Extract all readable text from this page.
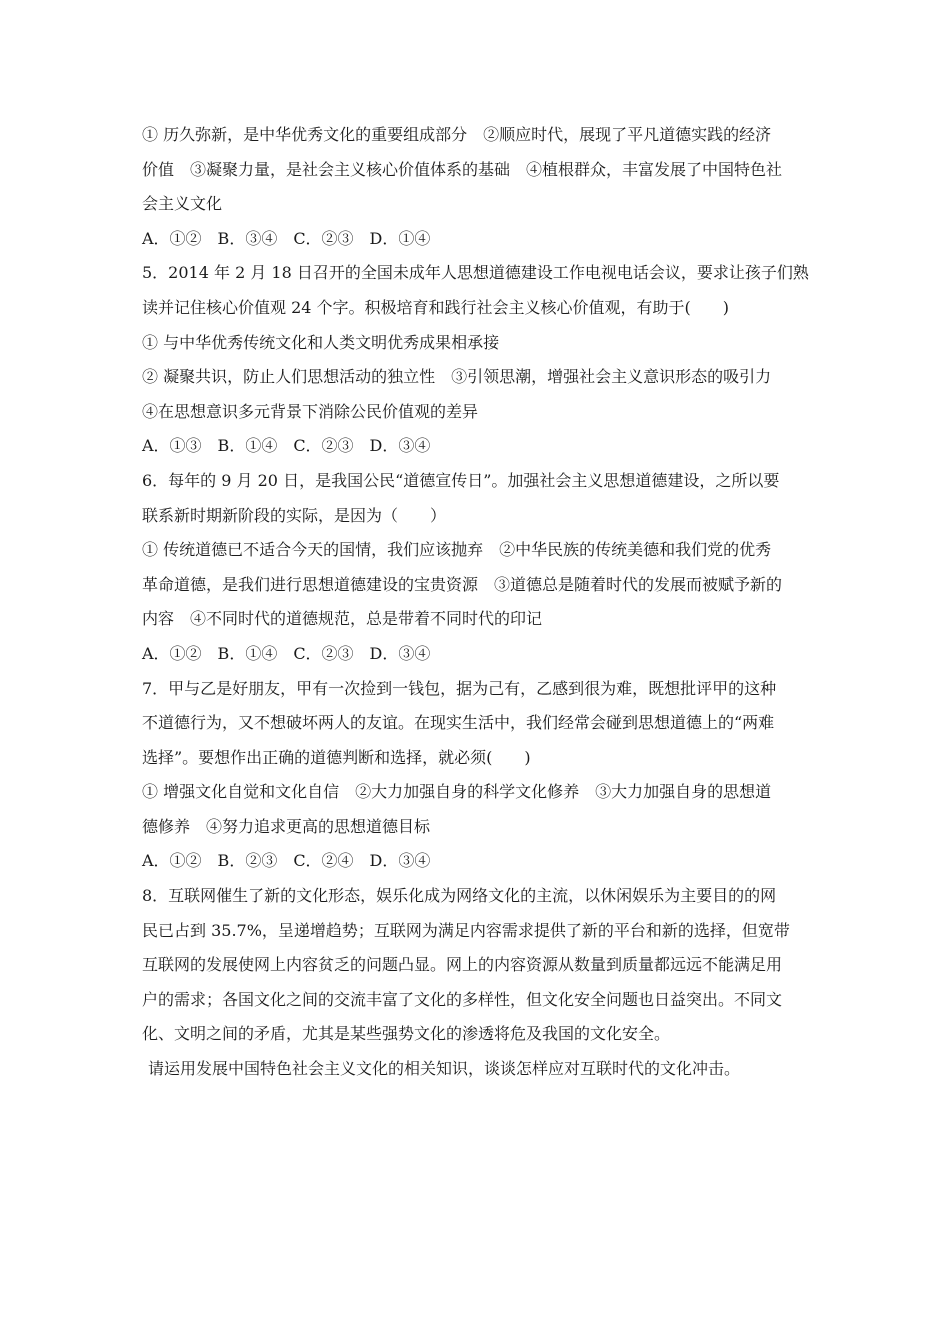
① 历久弥新，是中华优秀文化的重要组成部分　②顺应时代，展现了平凡道德实践的经济
价值　③凝聚力量，是社会主义核心价值体系的基础　④植根群众，丰富发展了中国特色社
会主义文化
A．①②　B．③④　C．②③　D．①④
5．2014 年 2 月 18 日召开的全国未成年人思想道德建设工作电视电话会议，要求让孩子们熟
读并记住核心价值观 24 个字。积极培育和践行社会主义核心价值观，有助于(　　)
① 与中华优秀传统文化和人类文明优秀成果相承接
② 凝聚共识，防止人们思想活动的独立性　③引领思潮，增强社会主义意识形态的吸引力
④在思想意识多元背景下消除公民价值观的差异
A．①③　B．①④　C．②③　D．③④
6．每年的 9 月 20 日，是我国公民“道德宣传日”。加强社会主义思想道德建设，之所以要
联系新时期新阶段的实际，是因为（　　）
① 传统道德已不适合今天的国情，我们应该抛弃　②中华民族的传统美德和我们党的优秀
革命道德，是我们进行思想道德建设的宝贵资源　③道德总是随着时代的发展而被赋予新的
内容　④不同时代的道德规范，总是带着不同时代的印记
A．①②　B．①④　C．②③　D．③④
7．甲与乙是好朋友，甲有一次捡到一钱包，据为己有，乙感到很为难，既想批评甲的这种
不道德行为，又不想破坏两人的友谊。在现实生活中，我们经常会碰到思想道德上的“两难
选择”。要想作出正确的道德判断和选择，就必须(　　)
① 增强文化自觉和文化自信　②大力加强自身的科学文化修养　③大力加强自身的思想道
德修养　④努力追求更高的思想道德目标
A．①②　B．②③　C．②④　D．③④
8．互联网催生了新的文化形态，娱乐化成为网络文化的主流，以休闲娱乐为主要目的的网
民已占到 35.7%，呈递增趋势；互联网为满足内容需求提供了新的平台和新的选择，但宽带
互联网的发展使网上内容贫乏的问题凸显。网上的内容资源从数量到质量都远远不能满足用
户的需求；各国文化之间的交流丰富了文化的多样性，但文化安全问题也日益突出。不同文
化、文明之间的矛盾，尤其是某些强势文化的渗透将危及我国的文化安全。
请运用发展中国特色社会主义文化的相关知识，谈谈怎样应对互联时代的文化冲击。
